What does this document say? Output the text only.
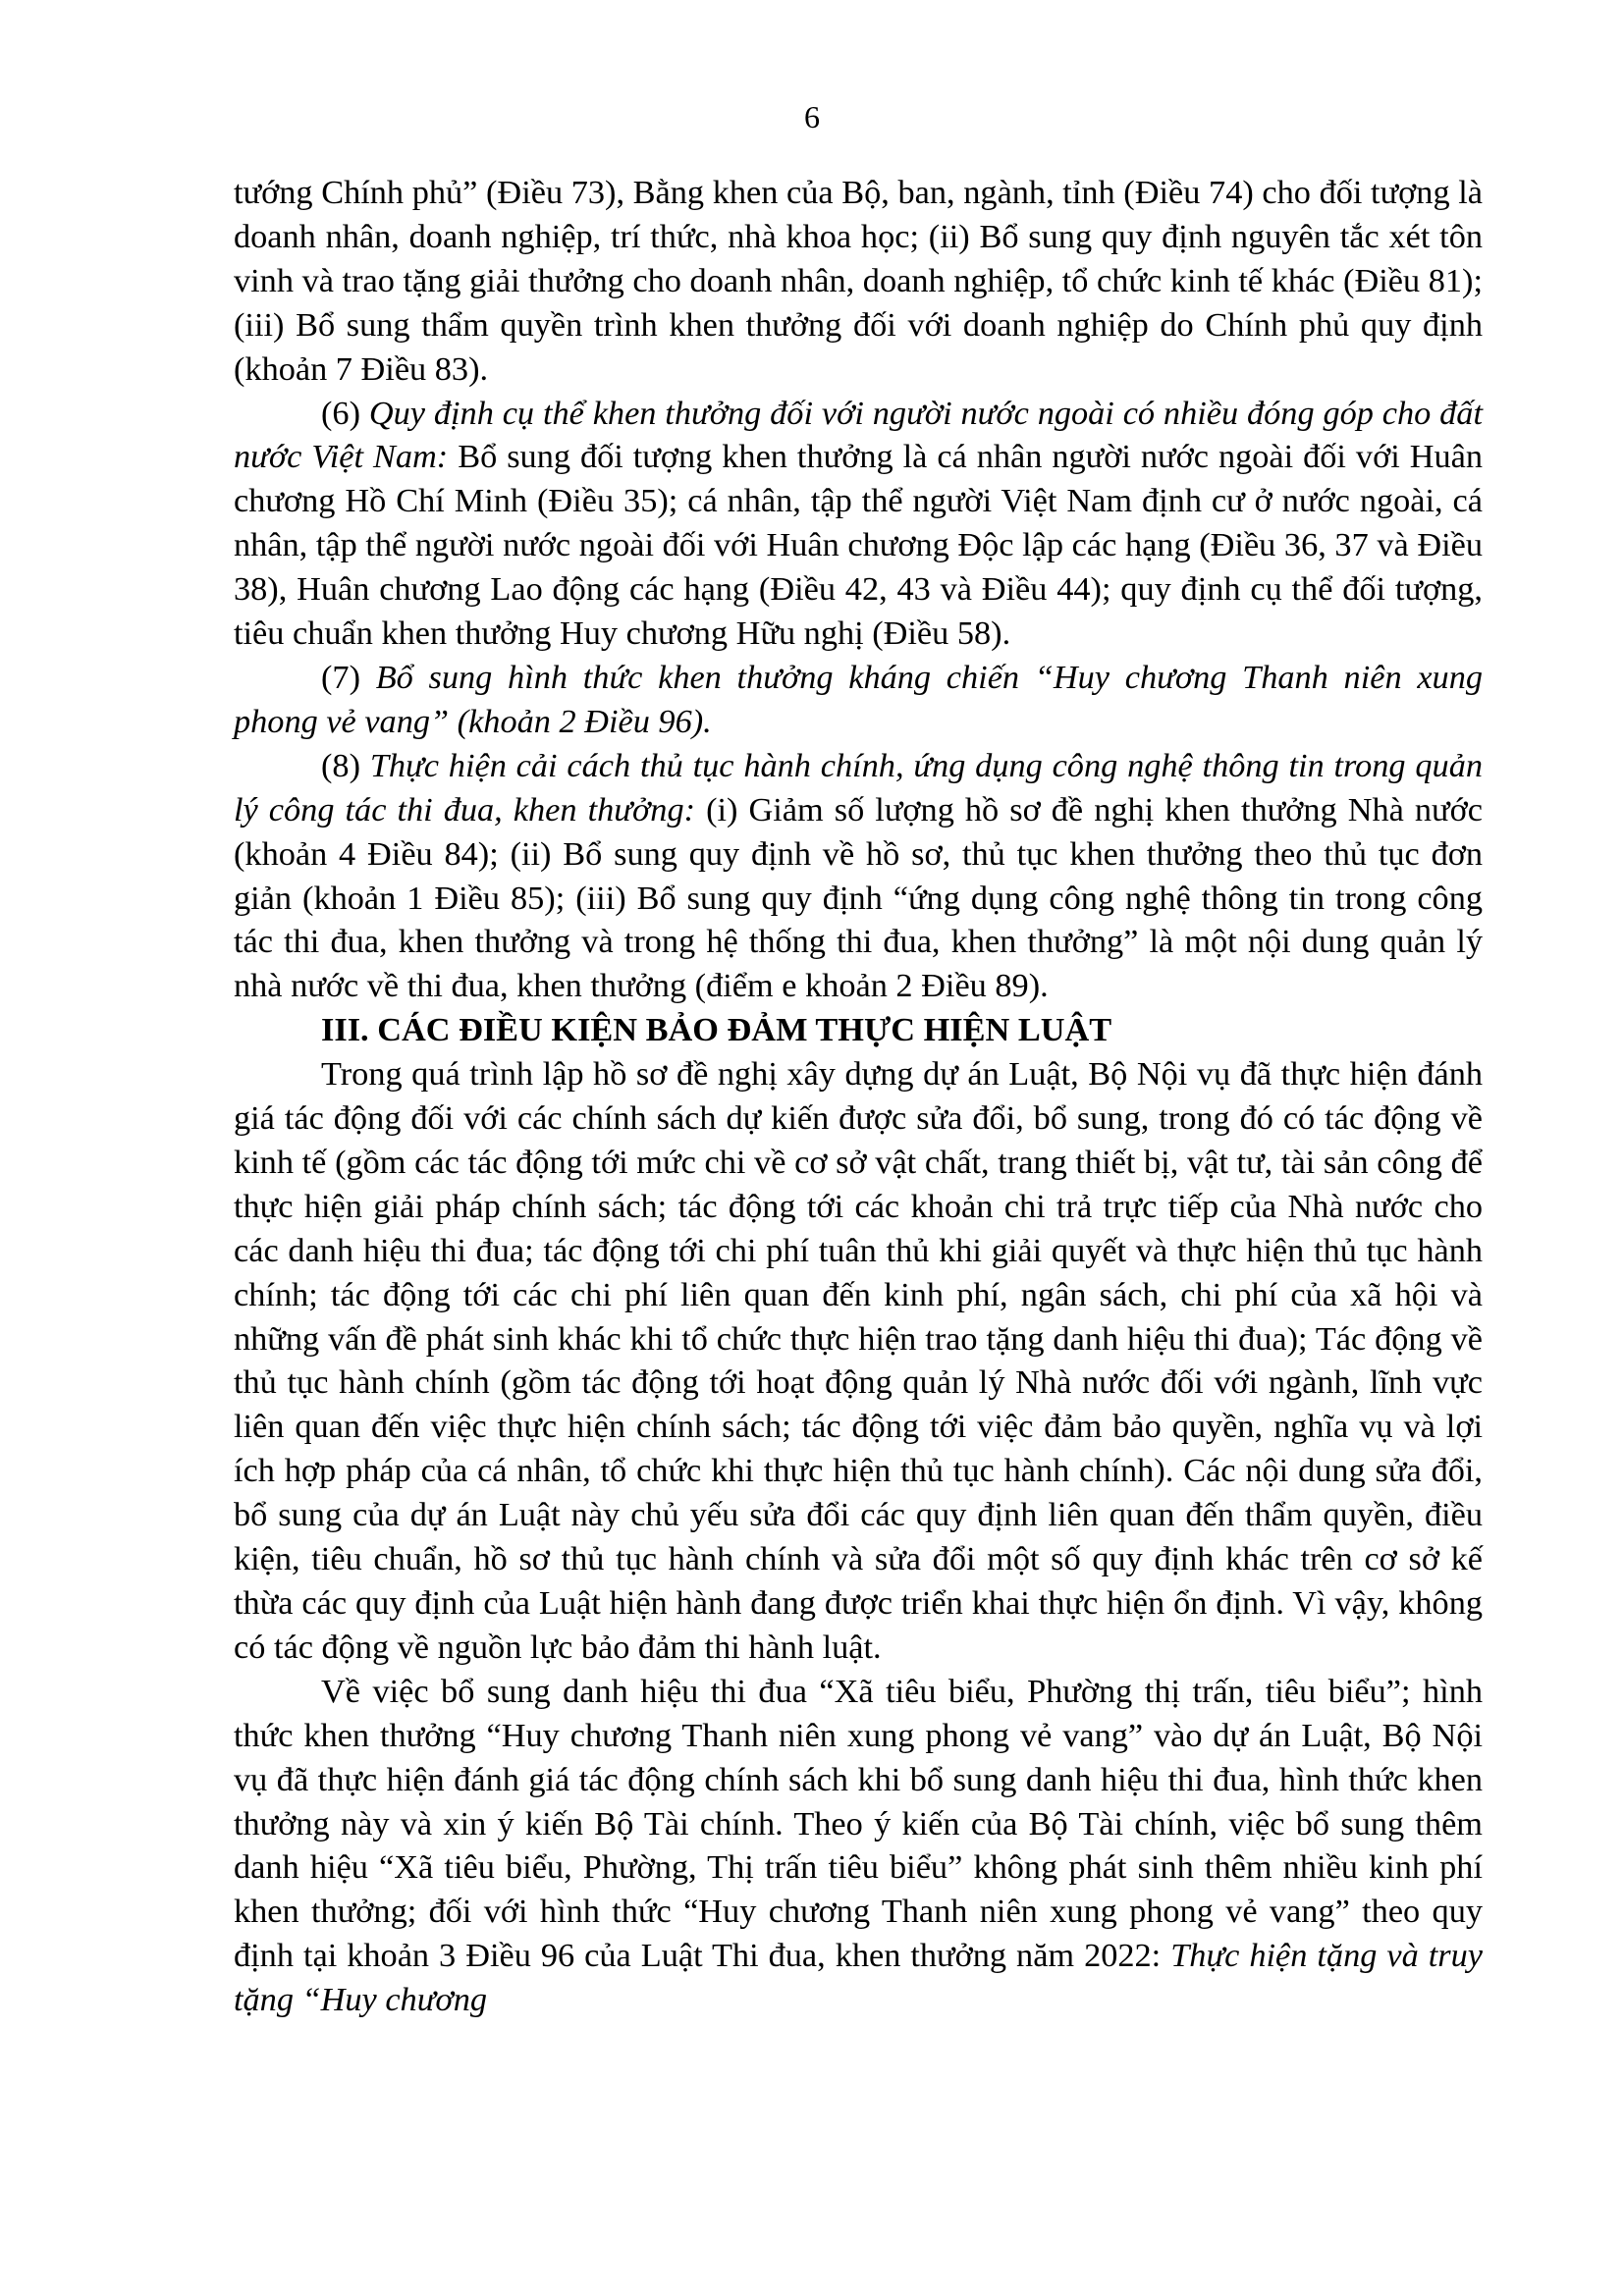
6

tướng Chính phủ” (Điều 73), Bằng khen của Bộ, ban, ngành, tỉnh (Điều 74) cho đối tượng là doanh nhân, doanh nghiệp, trí thức, nhà khoa học; (ii) Bổ sung quy định nguyên tắc xét tôn vinh và trao tặng giải thưởng cho doanh nhân, doanh nghiệp, tổ chức kinh tế khác (Điều 81); (iii) Bổ sung thẩm quyền trình khen thưởng đối với doanh nghiệp do Chính phủ quy định (khoản 7 Điều 83).

(6) Quy định cụ thể khen thưởng đối với người nước ngoài có nhiều đóng góp cho đất nước Việt Nam: Bổ sung đối tượng khen thưởng là cá nhân người nước ngoài đối với Huân chương Hồ Chí Minh (Điều 35); cá nhân, tập thể người Việt Nam định cư ở nước ngoài, cá nhân, tập thể người nước ngoài đối với Huân chương Độc lập các hạng (Điều 36, 37 và Điều 38), Huân chương Lao động các hạng (Điều 42, 43 và Điều 44); quy định cụ thể đối tượng, tiêu chuẩn khen thưởng Huy chương Hữu nghị (Điều 58).

(7) Bổ sung hình thức khen thưởng kháng chiến “Huy chương Thanh niên xung phong vẻ vang” (khoản 2 Điều 96).

(8) Thực hiện cải cách thủ tục hành chính, ứng dụng công nghệ thông tin trong quản lý công tác thi đua, khen thưởng: (i) Giảm số lượng hồ sơ đề nghị khen thưởng Nhà nước (khoản 4 Điều 84); (ii) Bổ sung quy định về hồ sơ, thủ tục khen thưởng theo thủ tục đơn giản (khoản 1 Điều 85); (iii) Bổ sung quy định “ứng dụng công nghệ thông tin trong công tác thi đua, khen thưởng và trong hệ thống thi đua, khen thưởng” là một nội dung quản lý nhà nước về thi đua, khen thưởng (điểm e khoản 2 Điều 89).

III. CÁC ĐIỀU KIỆN BẢO ĐẢM THỰC HIỆN LUẬT

Trong quá trình lập hồ sơ đề nghị xây dựng dự án Luật, Bộ Nội vụ đã thực hiện đánh giá tác động đối với các chính sách dự kiến được sửa đổi, bổ sung, trong đó có tác động về kinh tế (gồm các tác động tới mức chi về cơ sở vật chất, trang thiết bị, vật tư, tài sản công để thực hiện giải pháp chính sách; tác động tới các khoản chi trả trực tiếp của Nhà nước cho các danh hiệu thi đua; tác động tới chi phí tuân thủ khi giải quyết và thực hiện thủ tục hành chính; tác động tới các chi phí liên quan đến kinh phí, ngân sách, chi phí của xã hội và những vấn đề phát sinh khác khi tổ chức thực hiện trao tặng danh hiệu thi đua); Tác động về thủ tục hành chính (gồm tác động tới hoạt động quản lý Nhà nước đối với ngành, lĩnh vực liên quan đến việc thực hiện chính sách; tác động tới việc đảm bảo quyền, nghĩa vụ và lợi ích hợp pháp của cá nhân, tổ chức khi thực hiện thủ tục hành chính). Các nội dung sửa đổi, bổ sung của dự án Luật này chủ yếu sửa đổi các quy định liên quan đến thẩm quyền, điều kiện, tiêu chuẩn, hồ sơ thủ tục hành chính và sửa đổi một số quy định khác trên cơ sở kế thừa các quy định của Luật hiện hành đang được triển khai thực hiện ổn định. Vì vậy, không có tác động về nguồn lực bảo đảm thi hành luật.

Về việc bổ sung danh hiệu thi đua “Xã tiêu biểu, Phường thị trấn, tiêu biểu”; hình thức khen thưởng “Huy chương Thanh niên xung phong vẻ vang” vào dự án Luật, Bộ Nội vụ đã thực hiện đánh giá tác động chính sách khi bổ sung danh hiệu thi đua, hình thức khen thưởng này và xin ý kiến Bộ Tài chính. Theo ý kiến của Bộ Tài chính, việc bổ sung thêm danh hiệu “Xã tiêu biểu, Phường, Thị trấn tiêu biểu” không phát sinh thêm nhiều kinh phí khen thưởng; đối với hình thức “Huy chương Thanh niên xung phong vẻ vang” theo quy định tại khoản 3 Điều 96 của Luật Thi đua, khen thưởng năm 2022: Thực hiện tặng và truy tặng “Huy chương
